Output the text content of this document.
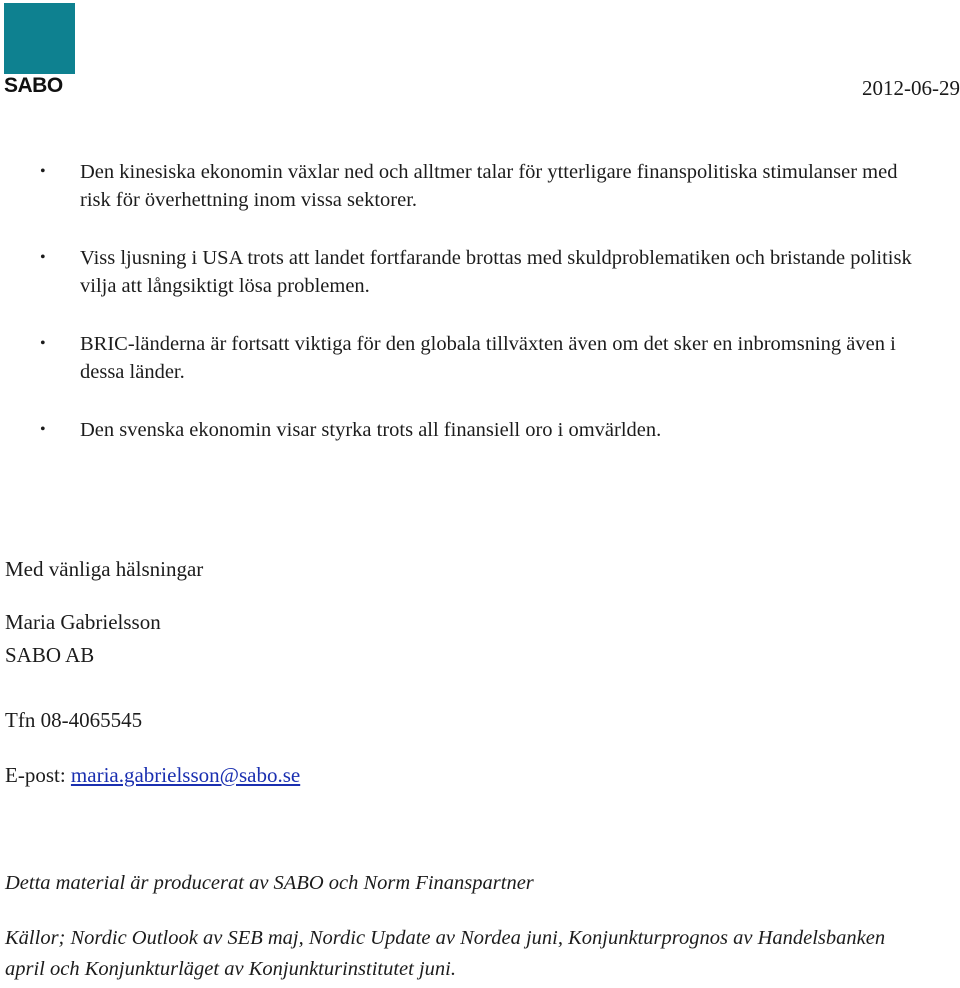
SABO	2012-06-29
• Den kinesiska ekonomin växlar ned och alltmer talar för ytterligare finanspolitiska stimulanser med risk för överhettning inom vissa sektorer.
• Viss ljusning i USA trots att landet fortfarande brottas med skuldproblematiken och bristande politisk vilja att långsiktigt lösa problemen.
• BRIC-länderna är fortsatt viktiga för den globala tillväxten även om det sker en inbromsning även i dessa länder.
• Den svenska ekonomin visar styrka trots all finansiell oro i omvärlden.
Med vänliga hälsningar
Maria Gabrielsson
SABO AB
Tfn 08-4065545
E-post: maria.gabrielsson@sabo.se
Detta material är producerat av SABO och Norm Finanspartner
Källor; Nordic Outlook av SEB maj, Nordic Update av Nordea juni, Konjunkturprognos av Handelsbanken april och Konjunkturläget av Konjunkturinstitutet juni.
